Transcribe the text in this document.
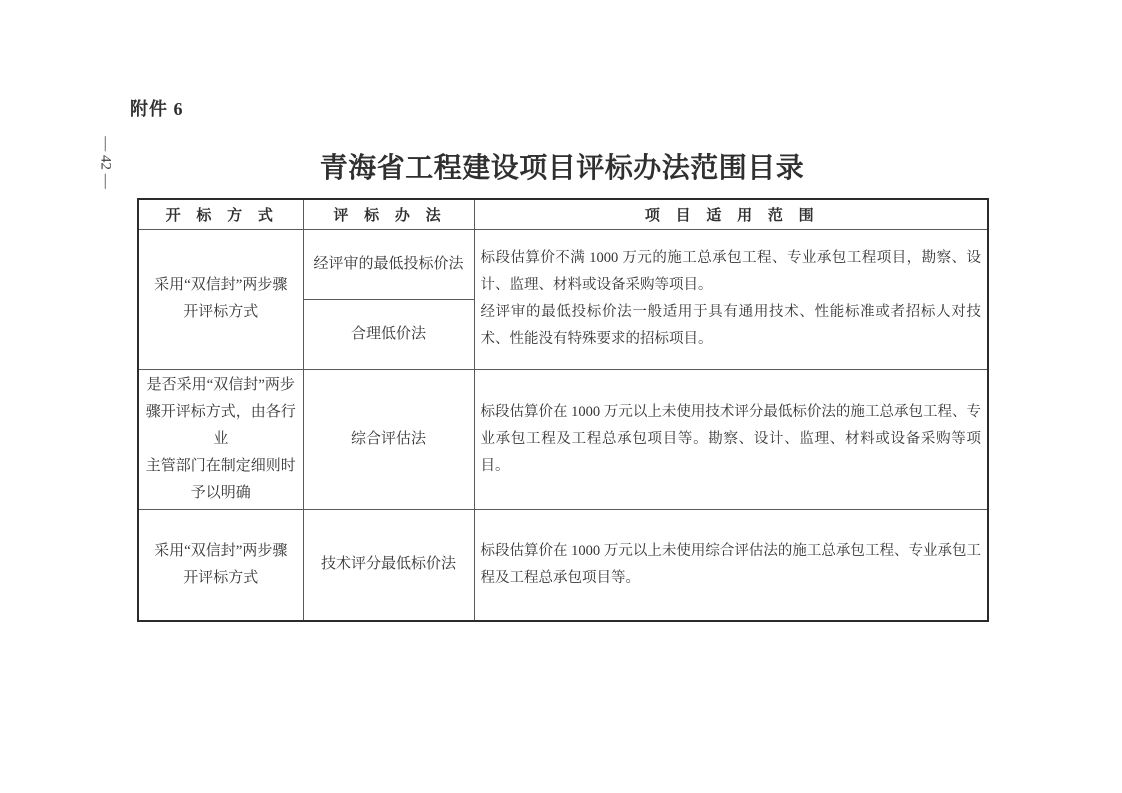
附件 6
— 42 —	青海省工程建设项目评标办法范围目录
开 标 方 式	评 标 办 法	项 目 适 用 范 围
采用“双信封”两步骤
开评标方式	经评审的最低投标价法	标段估算价不满 1000 万元的施工总承包工程、专业承包工程项目，勘察、设计、监理、材料或设备采购等项目。
经评审的最低投标价法一般适用于具有通用技术、性能标准或者招标人对技术、性能没有特殊要求的招标项目。

	合理低价法	
是否采用“双信封”两步
骤开评标方式，由各行业
主管部门在制定细则时
予以明确	综合评估法	标段估算价在 1000 万元以上未使用技术评分最低标价法的施工总承包工程、专业承包工程及工程总承包项目等。勘察、设计、监理、材料或设备采购等项目。
采用“双信封”两步骤
开评标方式	技术评分最低标价法	标段估算价在 1000 万元以上未使用综合评估法的施工总承包工程、专业承包工程及工程总承包项目等。
